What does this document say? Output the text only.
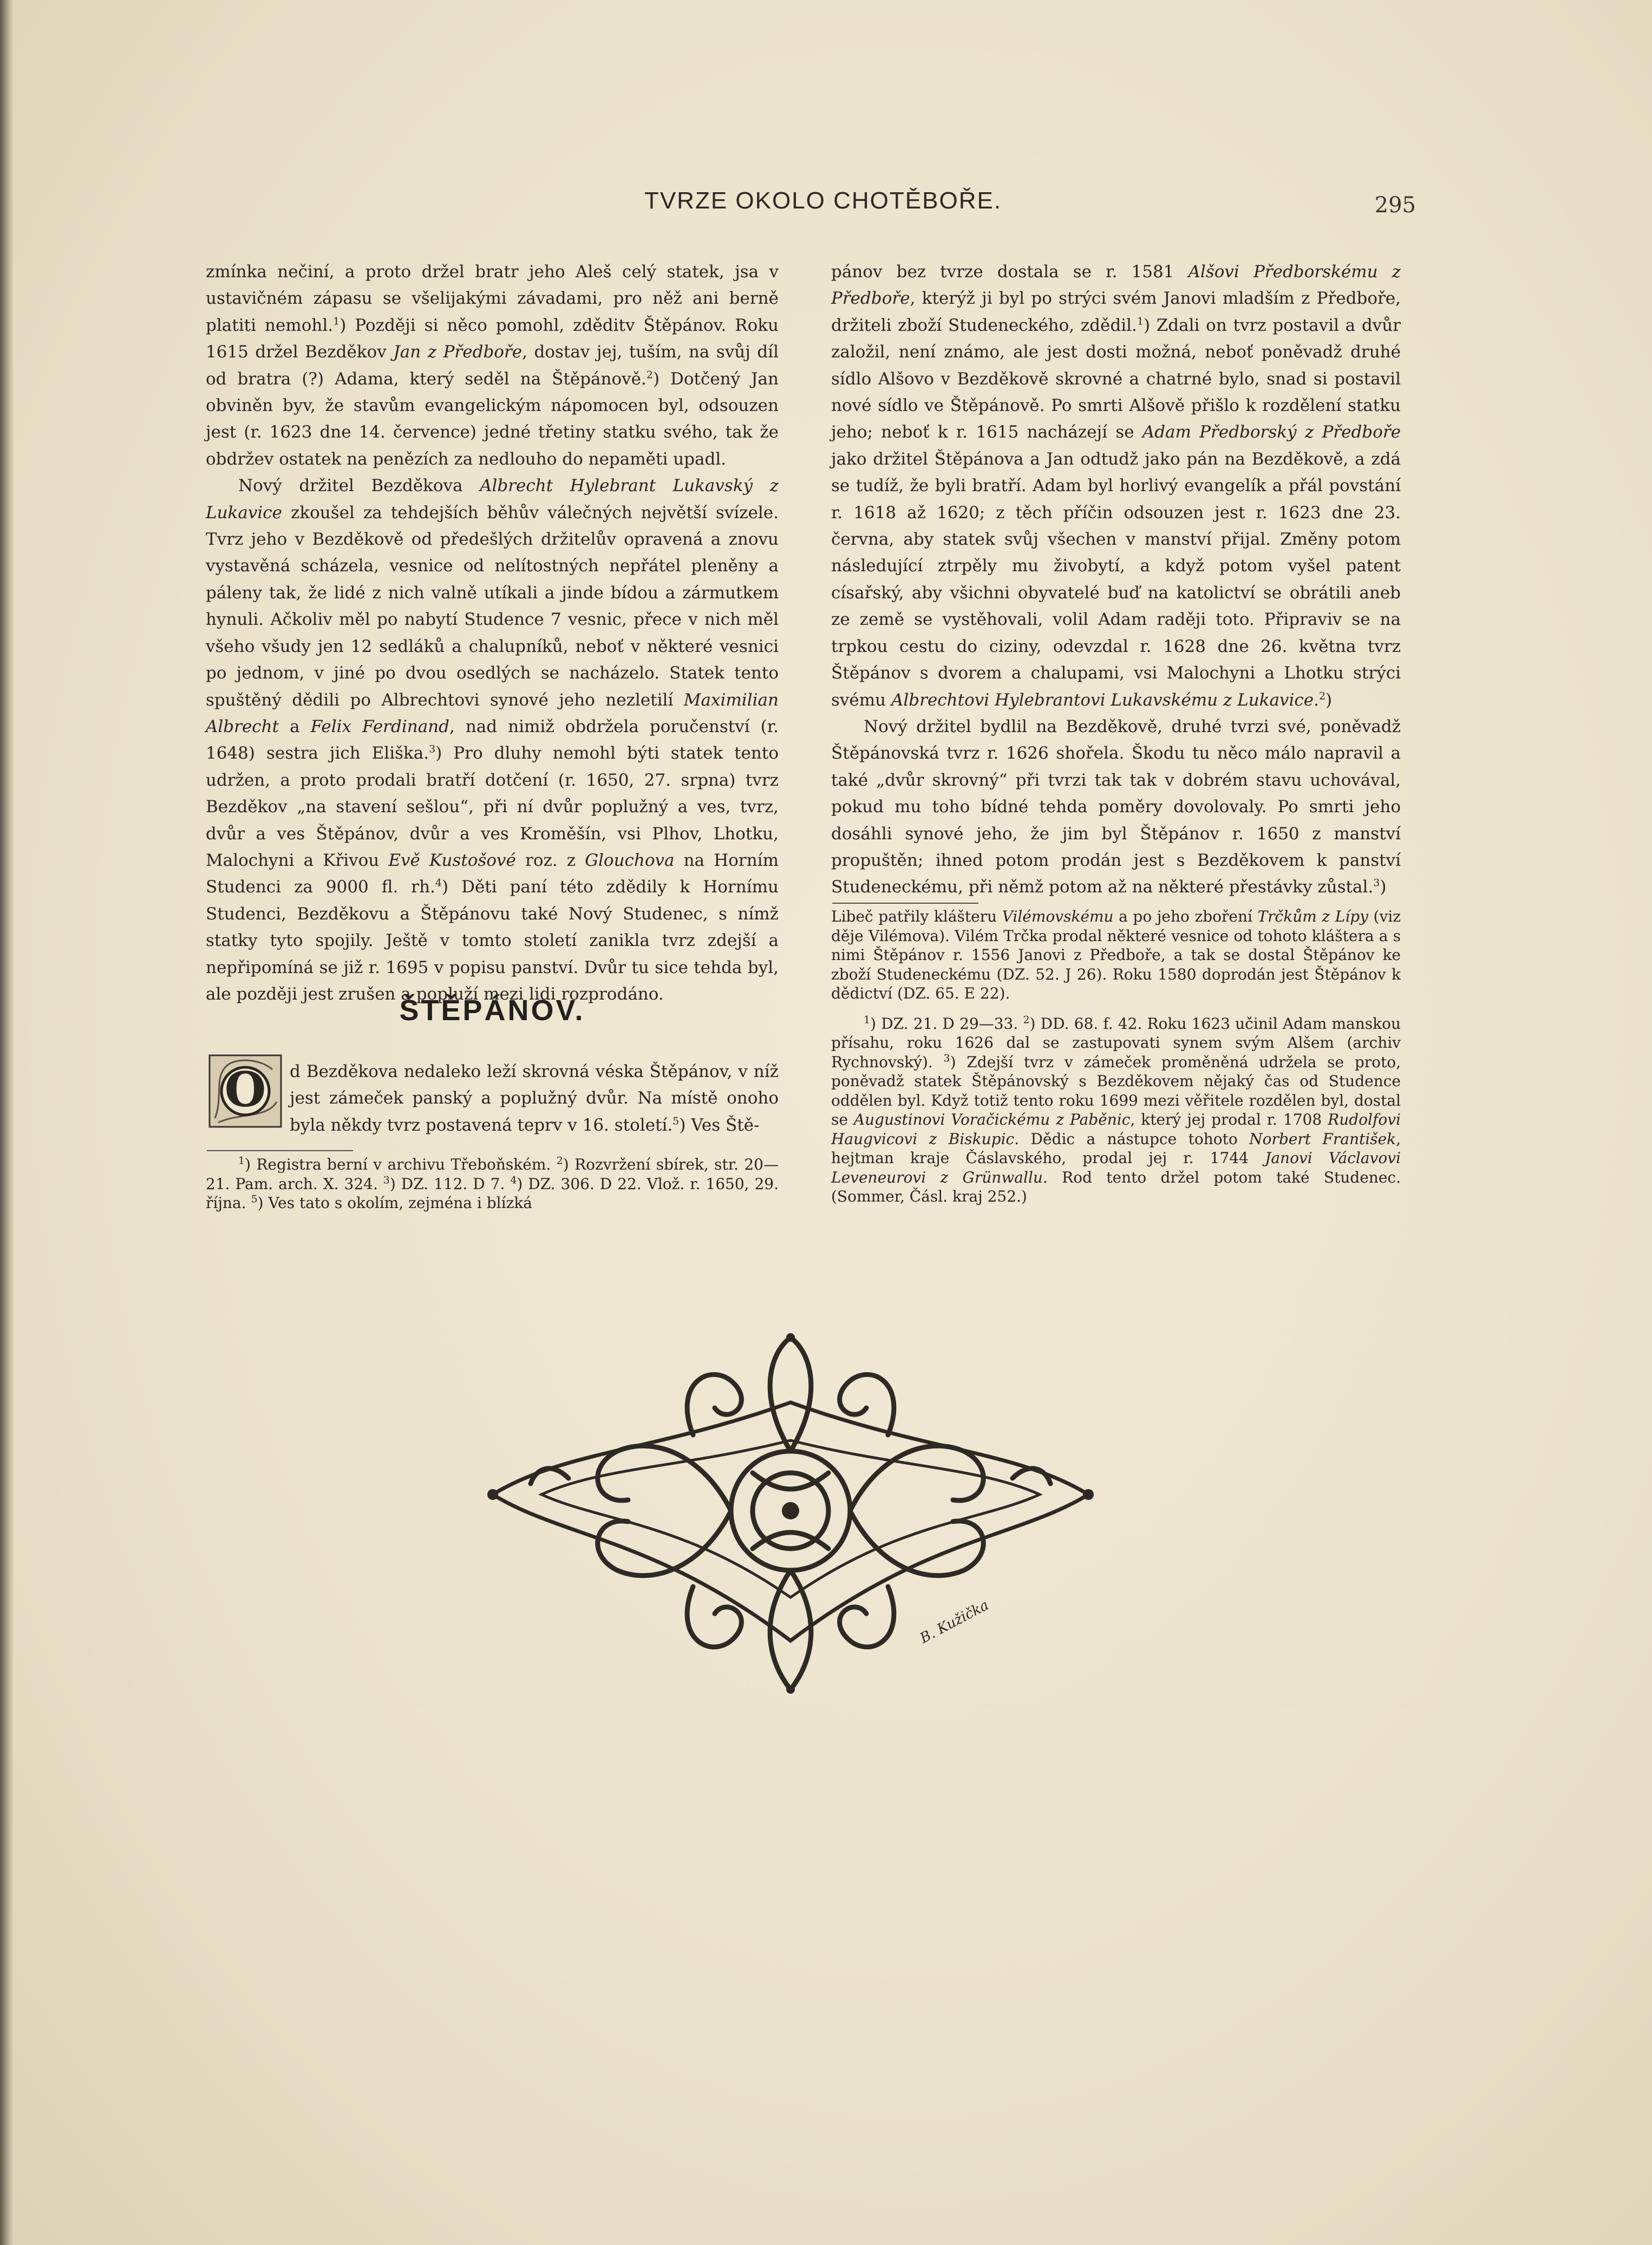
TVRZE OKOLO CHOTĚBOŘE.	295

zmínka nečiní, a proto držel bratr jeho Aleš celý statek, jsa v ustavičném zápasu se všelijakými závadami, pro něž ani berně platiti nemohl.$^1$) Později si něco pomohl, zděditv Štěpánov. Roku 1615 držel Bezděkov Jan z Předboře, dostav jej, tuším, na svůj díl od bratra (?) Adama, který seděl na Štěpánově.$^2$) Dotčený Jan obviněn byv, že stavům evangelickým nápomocen byl, odsouzen jest (r. 1623 dne 14. července) jedné třetiny statku svého, tak že obdržev ostatek na penězích za nedlouho do nepaměti upadl.

Nový držitel Bezděkova Albrecht Hylebrant Lukavský z Lukavice zkoušel za tehdejších běhův válečných největší svízele. Tvrz jeho v Bezděkově od předešlých držitelův opravená a znovu vystavěná scházela, vesnice od nelítostných nepřátel pleněny a páleny tak, že lidé z nich valně utíkali a jinde bídou a zármutkem hynuli. Ačkoliv měl po nabytí Studence 7 vesnic, přece v nich měl všeho všudy jen 12 sedláků a chalupníků, neboť v některé vesnici po jednom, v jiné po dvou osedlých se nacházelo. Statek tento spuštěný dědili po Albrechtovi synové jeho nezletilí Maximilian Albrecht a Felix Ferdinand, nad nimiž obdržela poručenství (r. 1648) sestra jich Eliška.$^3$) Pro dluhy nemohl býti statek tento udržen, a proto prodali bratří dotčení (r. 1650, 27. srpna) tvrz Bezděkov „na stavení sešlou“, při ní dvůr poplužný a ves, tvrz, dvůr a ves Štěpánov, dvůr a ves Kroměšín, vsi Plhov, Lhotku, Malochyni a Křivou Evě Kustošové roz. z Glouchova na Horním Studenci za 9000 fl. rh.$^4$) Děti paní této zdědily k Hornímu Studenci, Bezděkovu a Štěpánovu také Nový Studenec, s nímž statky tyto spojily. Ještě v tomto století zanikla tvrz zdejší a nepřipomíná se již r. 1695 v popisu panství. Dvůr tu sice tehda byl, ale později jest zrušen a popluží mezi lidi rozprodáno.

ŠTĚPÁNOV.
O d Bezděkova nedaleko leží skrovná véska Štěpánov, v níž jest zámeček panský a poplužný dvůr. Na místě onoho byla někdy tvrz postavená teprv v 16. století.$^5$) Ves Ště-

$^1$) Registra berní v archivu Třeboňském. $^2$) Rozvržení sbírek, str. 20—21. Pam. arch. X. 324. $^3$) DZ. 112. D 7. $^4$) DZ. 306. D 22. Vlož. r. 1650, 29. října. $^5$) Ves tato s okolím, zejména i blízká

pánov bez tvrze dostala se r. 1581 Alšovi Předborskému z Předboře, kterýž ji byl po strýci svém Janovi mladším z Předboře, držiteli zboží Studeneckého, zdědil.$^1$) Zdali on tvrz postavil a dvůr založil, není známo, ale jest dosti možná, neboť poněvadž druhé sídlo Alšovo v Bezděkově skrovné a chatrné bylo, snad si postavil nové sídlo ve Štěpánově. Po smrti Alšově přišlo k rozdělení statku jeho; neboť k r. 1615 nacházejí se Adam Předborský z Předboře jako držitel Štěpánova a Jan odtudž jako pán na Bezděkově, a zdá se tudíž, že byli bratří. Adam byl horlivý evangelík a přál povstání r. 1618 až 1620; z těch příčin odsouzen jest r. 1623 dne 23. června, aby statek svůj všechen v manství přijal. Změny potom následující ztrpěly mu živobytí, a když potom vyšel patent císařský, aby všichni obyvatelé buď na katolictví se obrátili aneb ze země se vystěhovali, volil Adam raději toto. Připraviv se na trpkou cestu do ciziny, odevzdal r. 1628 dne 26. května tvrz Štěpánov s dvorem a chalupami, vsi Malochyni a Lhotku strýci svému Albrechtovi Hylebrantovi Lukavskému z Lukavice.$^2$)

Nový držitel bydlil na Bezděkově, druhé tvrzi své, poněvadž Štěpánovská tvrz r. 1626 shořela. Škodu tu něco málo napravil a také „dvůr skrovný“ při tvrzi tak tak v dobrém stavu uchovával, pokud mu toho bídné tehda poměry dovolovaly. Po smrti jeho dosáhli synové jeho, že jim byl Štěpánov r. 1650 z manství propuštěn; ihned potom prodán jest s Bezděkovem k panství Studeneckému, při němž potom až na některé přestávky zůstal.$^3$)

Libeč patřily klášteru Vilémovskému a po jeho zboření Trčkům z Lípy (viz děje Vilémova). Vilém Trčka prodal některé vesnice od tohoto kláštera a s nimi Štěpánov r. 1556 Janovi z Předboře, a tak se dostal Štěpánov ke zboží Studeneckému (DZ. 52. J 26). Roku 1580 doprodán jest Štěpánov k dědictví (DZ. 65. E 22).

$^1$) DZ. 21. D 29—33. $^2$) DD. 68. f. 42. Roku 1623 učinil Adam manskou přísahu, roku 1626 dal se zastupovati synem svým Alšem (archiv Rychnovský). $^3$) Zdejší tvrz v zámeček proměněná udržela se proto, poněvadž statek Štěpánovský s Bezděkovem nějaký čas od Studence oddělen byl. Když totiž tento roku 1699 mezi věřitele rozdělen byl, dostal se Augustinovi Voračickému z Paběnic, který jej prodal r. 1708 Rudolfovi Haugvicovi z Biskupic. Dědic a nástupce tohoto Norbert František, hejtman kraje Čáslavského, prodal jej r. 1744 Janovi Václavovi Leveneurovi z Grünwallu. Rod tento držel potom také Studenec. (Sommer, Čásl. kraj 252.)

B. Kužička
